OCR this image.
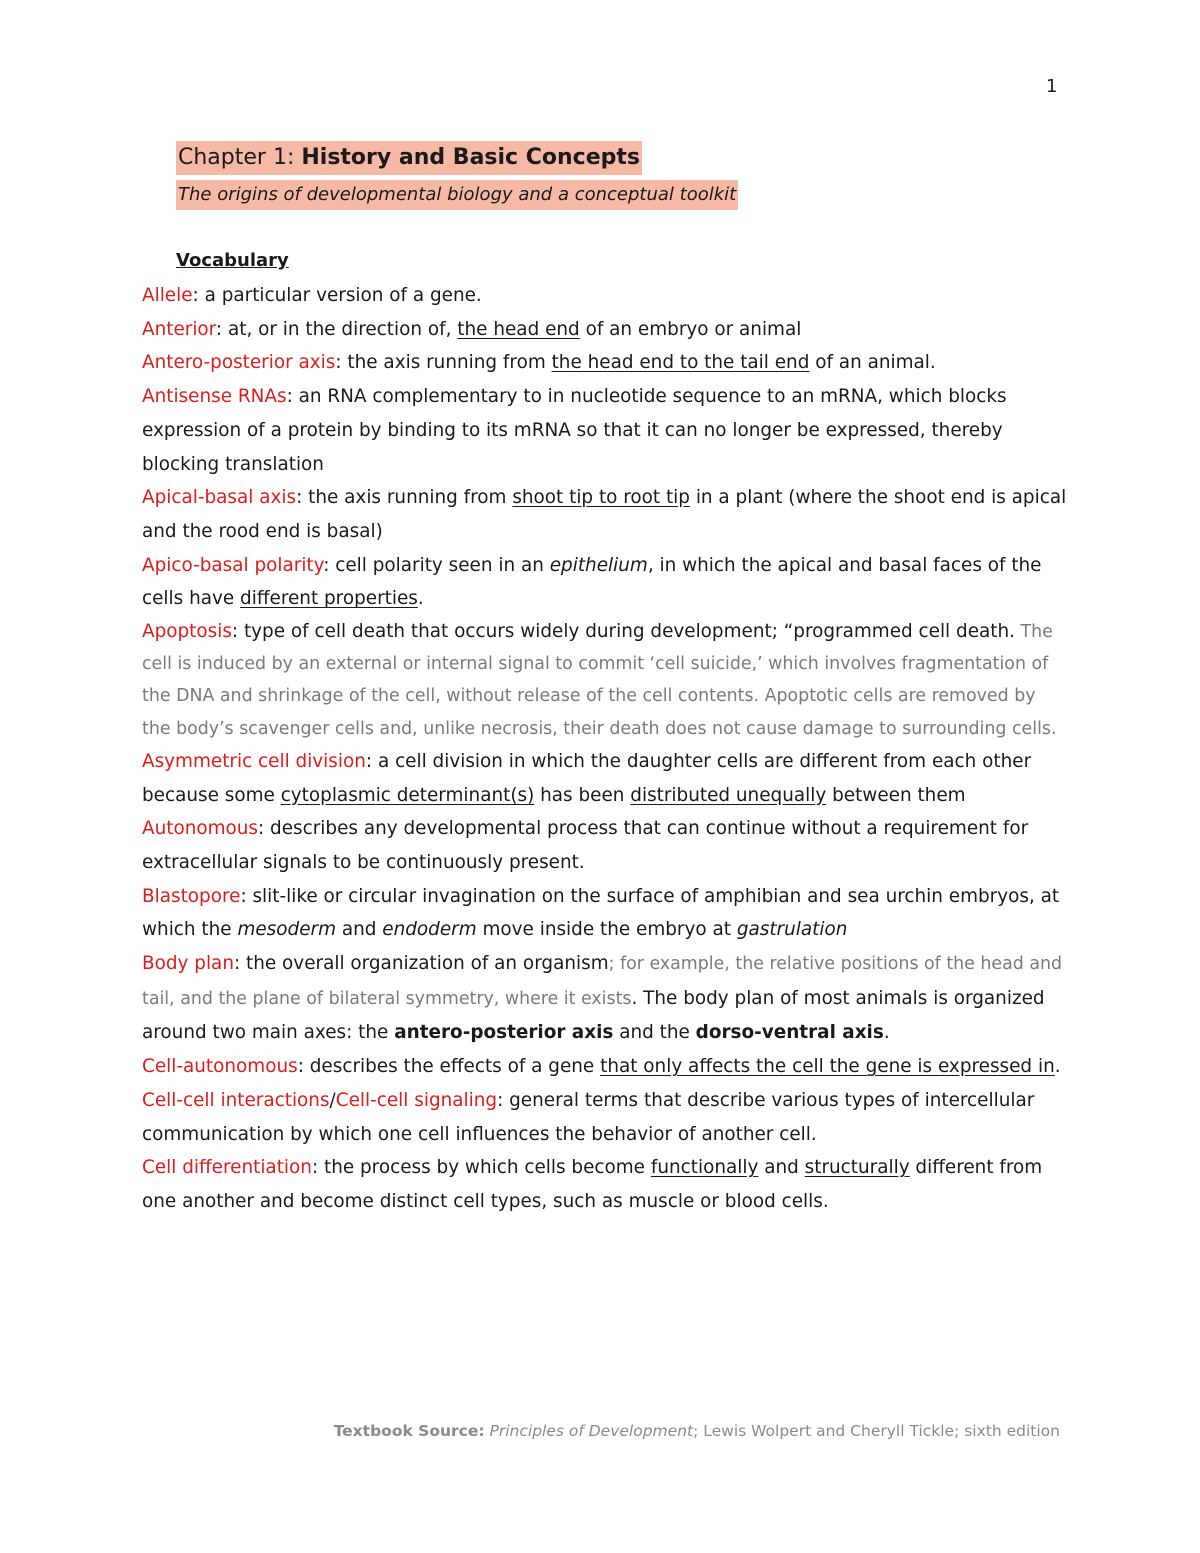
1
Chapter 1: History and Basic Concepts
The origins of developmental biology and a conceptual toolkit
Vocabulary

Allele: a particular version of a gene.

Anterior: at, or in the direction of, the head end of an embryo or animal

Antero-posterior axis: the axis running from the head end to the tail end of an animal.

Antisense RNAs: an RNA complementary to in nucleotide sequence to an mRNA, which blocks expression of a protein by binding to its mRNA so that it can no longer be expressed, thereby blocking translation

Apical-basal axis: the axis running from shoot tip to root tip in a plant (where the shoot end is apical and the rood end is basal)

Apico-basal polarity: cell polarity seen in an epithelium, in which the apical and basal faces of the cells have different properties.

Apoptosis: type of cell death that occurs widely during development; “programmed cell death. The cell is induced by an external or internal signal to commit ‘cell suicide,’ which involves fragmentation of the DNA and shrinkage of the cell, without release of the cell contents. Apoptotic cells are removed by the body’s scavenger cells and, unlike necrosis, their death does not cause damage to surrounding cells.

Asymmetric cell division: a cell division in which the daughter cells are different from each other because some cytoplasmic determinant(s) has been distributed unequally between them

Autonomous: describes any developmental process that can continue without a requirement for extracellular signals to be continuously present.

Blastopore: slit-like or circular invagination on the surface of amphibian and sea urchin embryos, at which the mesoderm and endoderm move inside the embryo at gastrulation

Body plan: the overall organization of an organism; for example, the relative positions of the head and tail, and the plane of bilateral symmetry, where it exists. The body plan of most animals is organized around two main axes: the antero-posterior axis and the dorso-ventral axis.

Cell-autonomous: describes the effects of a gene that only affects the cell the gene is expressed in.

Cell-cell interactions/Cell-cell signaling: general terms that describe various types of intercellular communication by which one cell influences the behavior of another cell.

Cell differentiation: the process by which cells become functionally and structurally different from one another and become distinct cell types, such as muscle or blood cells.

Textbook Source: Principles of Development; Lewis Wolpert and Cheryll Tickle; sixth edition
